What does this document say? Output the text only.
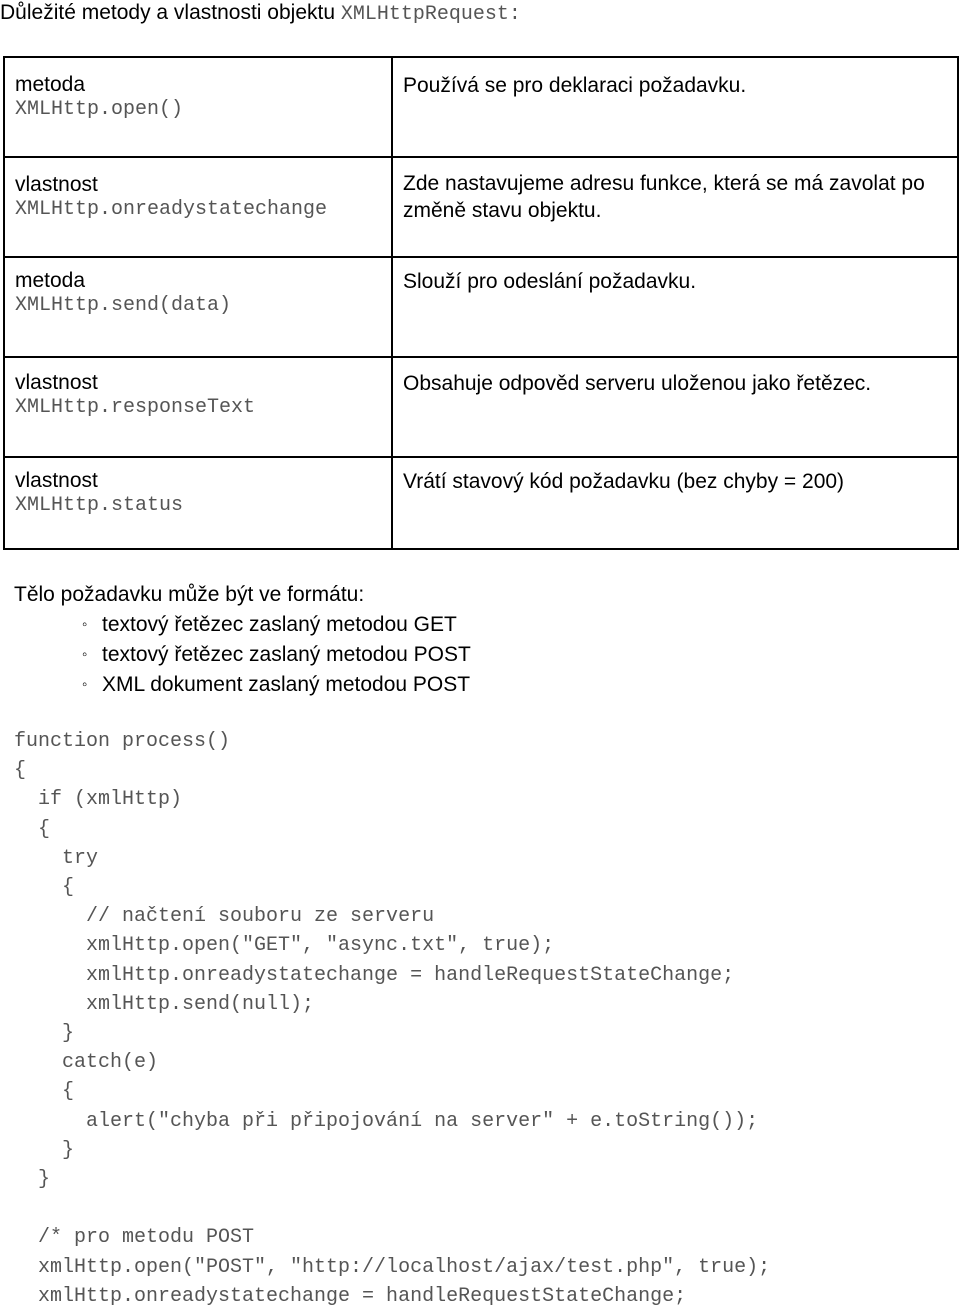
Důležité metody a vlastnosti objektu XMLHttpRequest:
metoda
XMLHttp.open()	Používá se pro deklaraci požadavku.

vlastnost
XMLHttp.onreadystatechange	Zde nastavujeme adresu funkce, která se má zavolat po změně stavu objektu.

metoda
XMLHttp.send(data)	Slouží pro odeslání požadavku.

vlastnost
XMLHttp.responseText	Obsahuje odpověd serveru uloženou jako řetězec.

vlastnost
XMLHttp.status	Vrátí stavový kód požadavku (bez chyby = 200)
Tělo požadavku může být ve formátu:
◦ textový řetězec zaslaný metodou GET
◦ textový řetězec zaslaný metodou POST
◦ XML dokument zaslaný metodou POST
function process()
{
if (xmlHttp)
{
try
{
// načtení souboru ze serveru
xmlHttp.open("GET", "async.txt", true);
xmlHttp.onreadystatechange = handleRequestStateChange;
xmlHttp.send(null);
}
catch(e)
{
alert("chyba při připojování na server" + e.toString());
}
}

/* pro metodu POST
xmlHttp.open("POST", "http://localhost/ajax/test.php", true);
xmlHttp.onreadystatechange = handleRequestStateChange;
